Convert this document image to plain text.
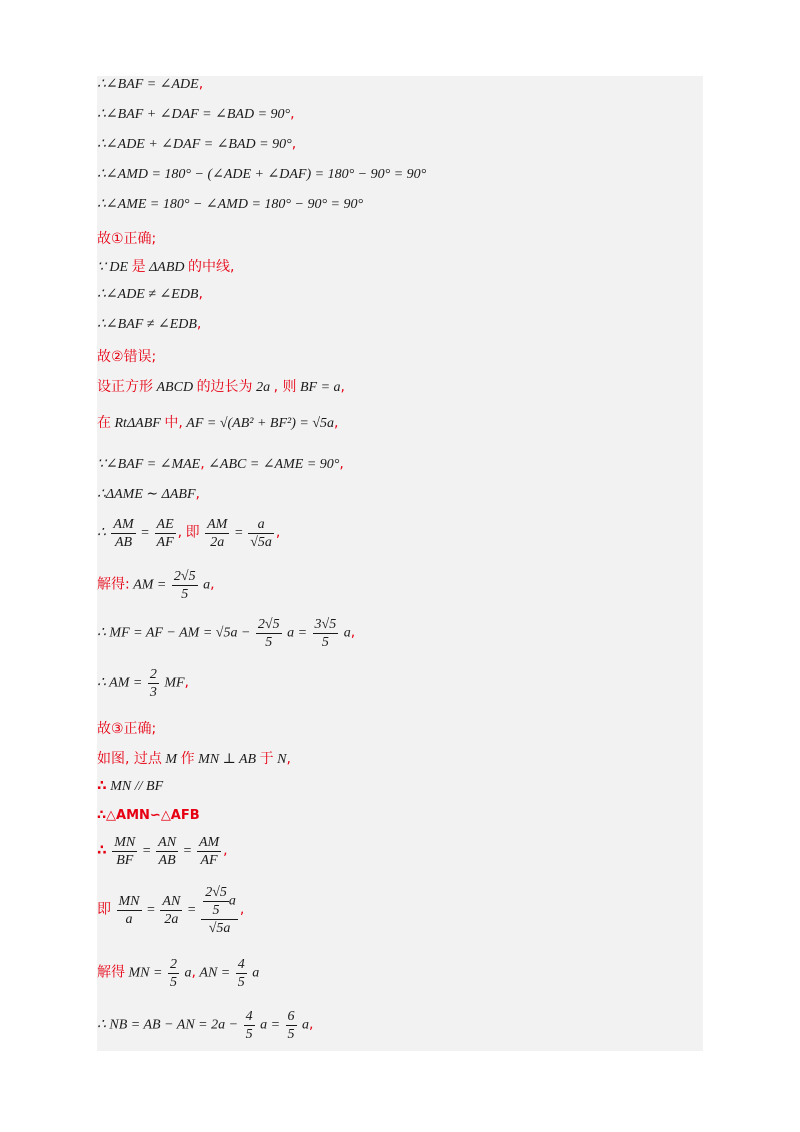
∴∠BAF = ∠ADE,
∴∠BAF + ∠DAF = ∠BAD = 90°,
∴∠ADE + ∠DAF = ∠BAD = 90°,
∴∠AMD = 180° − (∠ADE + ∠DAF) = 180° − 90° = 90°
∴∠AME = 180° − ∠AMD = 180° − 90° = 90°
故①正确;
∵ DE 是 ΔABD 的中线,
∴∠ADE ≠ ∠EDB,
∴∠BAF ≠ ∠EDB,
故②错误;
设正方形 ABCD 的边长为 2a , 则 BF = a,
在 RtΔABF 中, AF = √(AB² + BF²) = √5a,
∵∠BAF = ∠MAE, ∠ABC = ∠AME = 90°,
∴ΔAME ∼ ΔABF,
∴ $\frac{AM}{AB} = \frac{AE}{AF}$ , 即 $\frac{AM}{2a} = \frac{a}{√5a}$ ,
解得: AM = $\frac{2√5}{5} a$,
∴ MF = AF − AM = $√5a - \frac{2√5}{5}$ $a = \frac{3√5}{5} a$,
∴ AM = $\frac{2}{3}$ MF,
故③正确;
如图, 过点 M 作 MN ⊥ AB 于 N,
∴ MN // BF
∴△AMN∽△AFB
∴ $\frac{MN}{BF} = \frac{AN}{AB} = \frac{AM}{AF}$ ,
即 $\frac{MN}{a} = \frac{AN}{2a} = \frac{\frac{2√5}{5} a}{√5a}$ ,
解得 MN = $\frac{2}{5} a$, AN = $\frac{4}{5}$ a
∴ NB = AB − AN = $2a - \frac{4}{5}$ $a = \frac{6}{5} a$,
